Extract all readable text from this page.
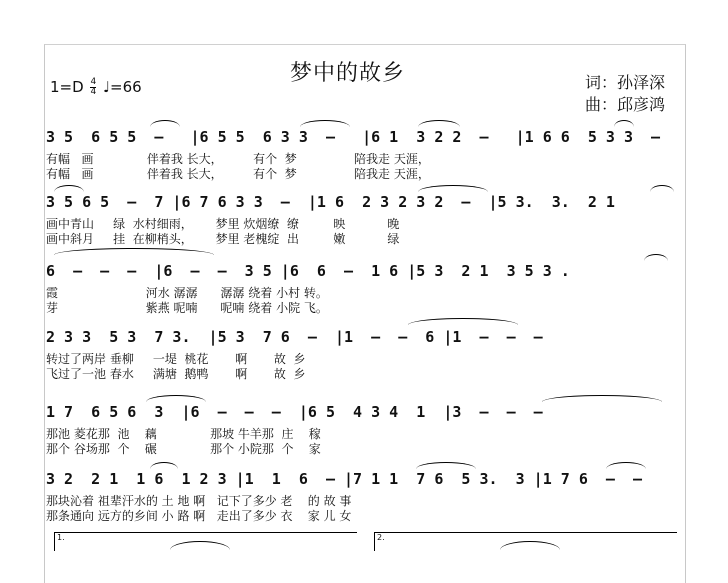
梦中的故乡
$1=D \frac{4}{4}$ ♩=66	词：孙泽深
曲：邱彦鸿
3 5  6 5 5  –   |6 5 5  6 3 3  –   |6 1  3 2 2  –   |1 6 6  5 3 3  –
有幅   画              伴着我 长大，        有个  梦               陪我走 天涯，
有幅   画              伴着我 长大，        有个  梦               陪我走 天涯，
3 5 6 5  –  7 |6 7 6 3 3  –  |1 6  2 3 2 3 2  –  |5 3.  3.  2 1
画中青山     绿  水村细雨，      梦里 炊烟缭  缭         映           晚
画中斜月     挂  在柳梢头，      梦里 老槐绽  出         嫩           绿
6  –  –  –  |6  –  –  3 5 |6  6  –  1 6 |5 3  2 1  3 5 3 .
霞                       河水 潺潺      潺潺 绕着 小村 转。
芽                       紫燕 呢喃      呢喃 绕着 小院 飞。
2 3 3  5 3  7 3.  |5 3  7 6  –  |1  –  –  6 |1  –  –  –
转过了两岸 垂柳     一堤  桃花       啊       故  乡
飞过了一池 春水     满塘  鹅鸭       啊       故  乡
1 7  6 5 6  3  |6  –  –  –  |6 5  4 3 4  1  |3  –  –  –
那池 菱花那  池    藕              那坡 牛羊那  庄    稼
那个 谷场那  个    碾              那个 小院那  个    家
3 2  2 1  1 6  1 2 3 |1  1  6  – |7 1 1  7 6  5 3.  3 |1 7 6  –  –
那块沁着 祖辈汗水的 土 地 啊   记下了多少 老    的 故 事
那条通向 远方的乡间 小 路 啊   走出了多少 衣    家 儿 女
1.	2.
